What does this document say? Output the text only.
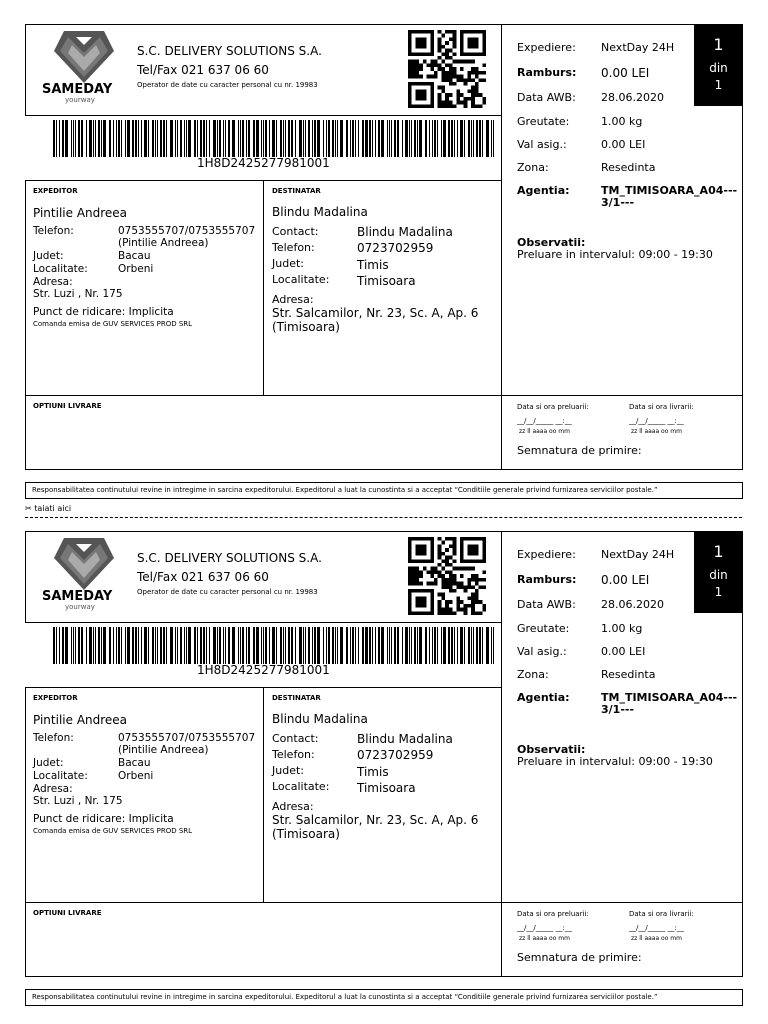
SAMEDAY
yourway
S.C. DELIVERY SOLUTIONS S.A.
Tel/Fax 021 637 06 60
Operator de date cu caracter personal cu nr. 19983
1H8D2425277981001
Expediere: NextDay 24H
Ramburs: 0.00 LEI
Data AWB: 28.06.2020
Greutate:	1.00 kg
Val asig.:	0.00 LEI
Zona:	Resedinta
Agentia:	TM_TIMISOARA_A04---
3/1---
Observatii:
Preluare in intervalul: 09:00 - 19:30
1
din
1
EXPEDITOR
Pintilie Andreea
Telefon:	0753555707/0753555707
(Pintilie Andreea)
Judet:	Bacau
Localitate:	Orbeni
Adresa:
Str. Luzi , Nr. 175
Punct de ridicare: Implicita
Comanda emisa de GUV SERVICES PROD SRL
DESTINATAR
Blindu Madalina
Contact:	Blindu Madalina
Telefon:	0723702959
Judet:	Timis
Localitate: Timisoara
Adresa:
Str. Salcamilor, Nr. 23, Sc. A, Ap. 6
(Timisoara)
OPTIUNI LIVRARE	Data si ora preluarii:	Data si ora livrarii:
__/__/_____ __:__	__/__/_____ __:__
zz ll aaaa oo mm	zz ll aaaa oo mm
Semnatura de primire:
Responsabilitatea continutului revine in intregime in sarcina expeditorului. Expeditorul a luat la cunostinta si a acceptat “Conditiile generale privind furnizarea serviciilor postale.”
✂ taiati aici
SAMEDAY
yourway
S.C. DELIVERY SOLUTIONS S.A.
Tel/Fax 021 637 06 60
Operator de date cu caracter personal cu nr. 19983
1H8D2425277981001
Expediere: NextDay 24H
Ramburs: 0.00 LEI
Data AWB: 28.06.2020
Greutate:	1.00 kg
Val asig.:	0.00 LEI
Zona:	Resedinta
Agentia:	TM_TIMISOARA_A04---
3/1---
Observatii:
Preluare in intervalul: 09:00 - 19:30
1
din
1
EXPEDITOR
Pintilie Andreea
Telefon:	0753555707/0753555707
(Pintilie Andreea)
Judet:	Bacau
Localitate:	Orbeni
Adresa:
Str. Luzi , Nr. 175
Punct de ridicare: Implicita
Comanda emisa de GUV SERVICES PROD SRL
DESTINATAR
Blindu Madalina
Contact:	Blindu Madalina
Telefon:	0723702959
Judet:	Timis
Localitate: Timisoara
Adresa:
Str. Salcamilor, Nr. 23, Sc. A, Ap. 6
(Timisoara)
OPTIUNI LIVRARE	Data si ora preluarii:	Data si ora livrarii:
__/__/_____ __:__	__/__/_____ __:__
zz ll aaaa oo mm	zz ll aaaa oo mm
Semnatura de primire:
Responsabilitatea continutului revine in intregime in sarcina expeditorului. Expeditorul a luat la cunostinta si a acceptat “Conditiile generale privind furnizarea serviciilor postale.”
